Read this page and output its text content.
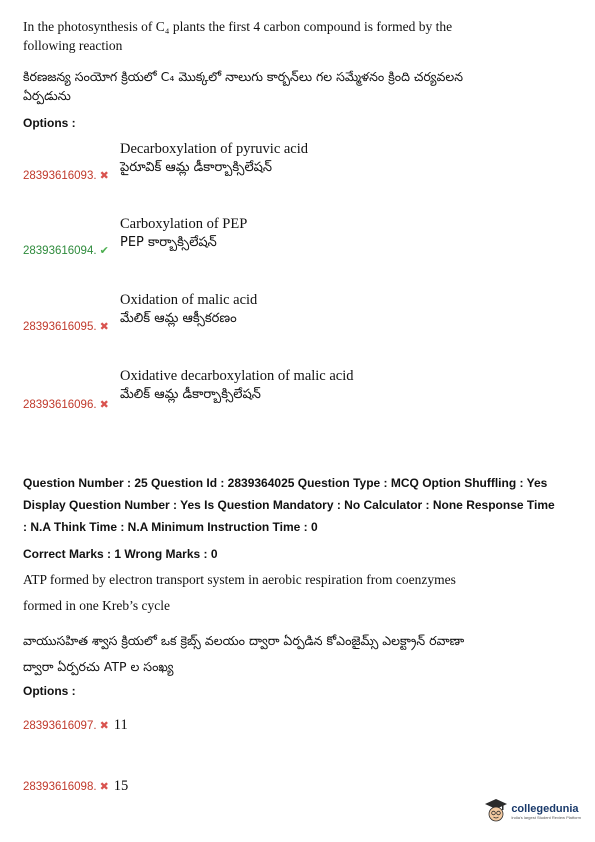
In the photosynthesis of C₄ plants the first 4 carbon compound is formed by the
following reaction
కిరణజన్య సంయోగ క్రియలో C₄ మొక్కలో నాలుగు కార్బన్‌లు గల సమ్మేళనం క్రింది చర్యవలన
ఏర్పడును
Options :
Decarboxylation of pyruvic acid
పైరూవిక్ ఆమ్ల డీకార్బాక్సిలేషన్
28393616093. ✖
Carboxylation of PEP
PEP కార్బాక్సిలేషన్
28393616094. ✔
Oxidation of malic acid
మేలిక్ ఆమ్ల ఆక్సీకరణం
28393616095. ✖
Oxidative decarboxylation of malic acid
మేలిక్ ఆమ్ల డీకార్బాక్సిలేషన్
28393616096. ✖
Question Number : 25 Question Id : 2839364025 Question Type : MCQ Option Shuffling : Yes
Display Question Number : Yes Is Question Mandatory : No Calculator : None Response Time
: N.A Think Time : N.A Minimum Instruction Time : 0
Correct Marks : 1 Wrong Marks : 0
ATP formed by electron transport system in aerobic respiration from coenzymes
formed in one Kreb’s cycle
వాయుసహిత శ్వాస క్రియలో ఒక క్రెబ్స్ వలయం ద్వారా ఏర్పడిన కోఎంజైమ్స్ ఎలక్ట్రాన్ రవాణా
ద్వారా ఏర్పరచు ATP ల సంఖ్య
Options :
28393616097. ✖ 11
28393616098. ✖ 15
collegedunia
India's largest Student Review Platform
